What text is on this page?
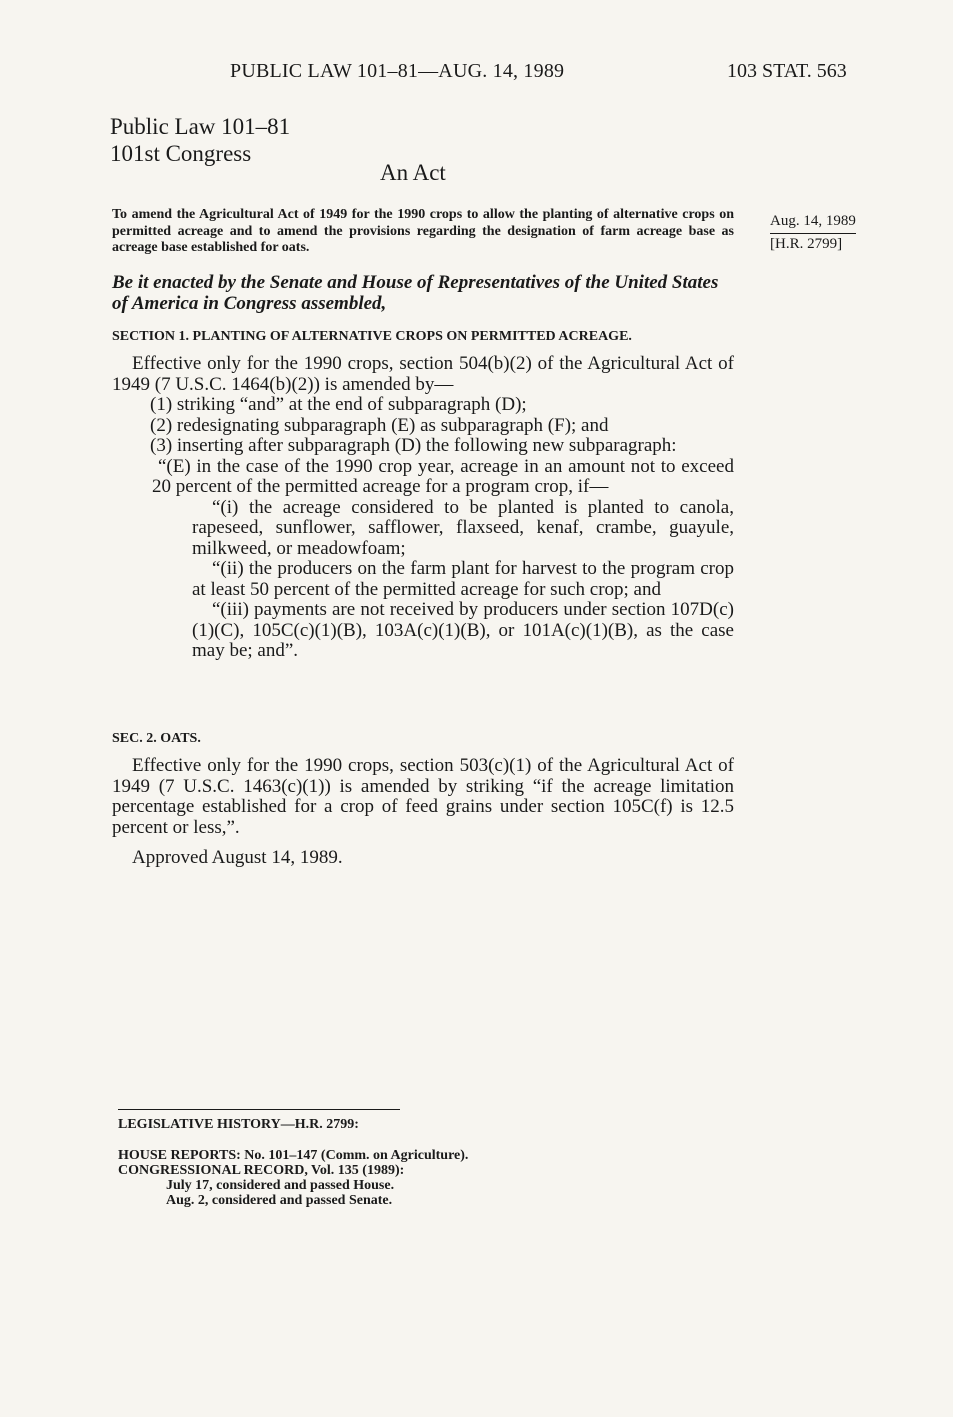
PUBLIC LAW 101–81—AUG. 14, 1989	103 STAT. 563
Public Law 101–81
101st Congress
An Act
To amend the Agricultural Act of 1949 for the 1990 crops to allow the planting of alternative crops on permitted acreage and to amend the provisions regarding the designation of farm acreage base as acreage base established for oats.
Aug. 14, 1989
[H.R. 2799]
Be it enacted by the Senate and House of Representatives of the United States of America in Congress assembled,
SECTION 1. PLANTING OF ALTERNATIVE CROPS ON PERMITTED ACREAGE.
Effective only for the 1990 crops, section 504(b)(2) of the Agricultural Act of 1949 (7 U.S.C. 1464(b)(2)) is amended by—
(1) striking “and” at the end of subparagraph (D);
(2) redesignating subparagraph (E) as subparagraph (F); and
(3) inserting after subparagraph (D) the following new subparagraph:
“(E) in the case of the 1990 crop year, acreage in an amount not to exceed 20 percent of the permitted acreage for a program crop, if—
“(i) the acreage considered to be planted is planted to canola, rapeseed, sunflower, safflower, flaxseed, kenaf, crambe, guayule, milkweed, or meadowfoam;
“(ii) the producers on the farm plant for harvest to the program crop at least 50 percent of the permitted acreage for such crop; and
“(iii) payments are not received by producers under section 107D(c)(1)(C), 105C(c)(1)(B), 103A(c)(1)(B), or 101A(c)(1)(B), as the case may be; and”.
SEC. 2. OATS.
Effective only for the 1990 crops, section 503(c)(1) of the Agricultural Act of 1949 (7 U.S.C. 1463(c)(1)) is amended by striking “if the acreage limitation percentage established for a crop of feed grains under section 105C(f) is 12.5 percent or less,”.
Approved August 14, 1989.
LEGISLATIVE HISTORY—H.R. 2799:
HOUSE REPORTS: No. 101–147 (Comm. on Agriculture).
CONGRESSIONAL RECORD, Vol. 135 (1989):
July 17, considered and passed House.
Aug. 2, considered and passed Senate.
